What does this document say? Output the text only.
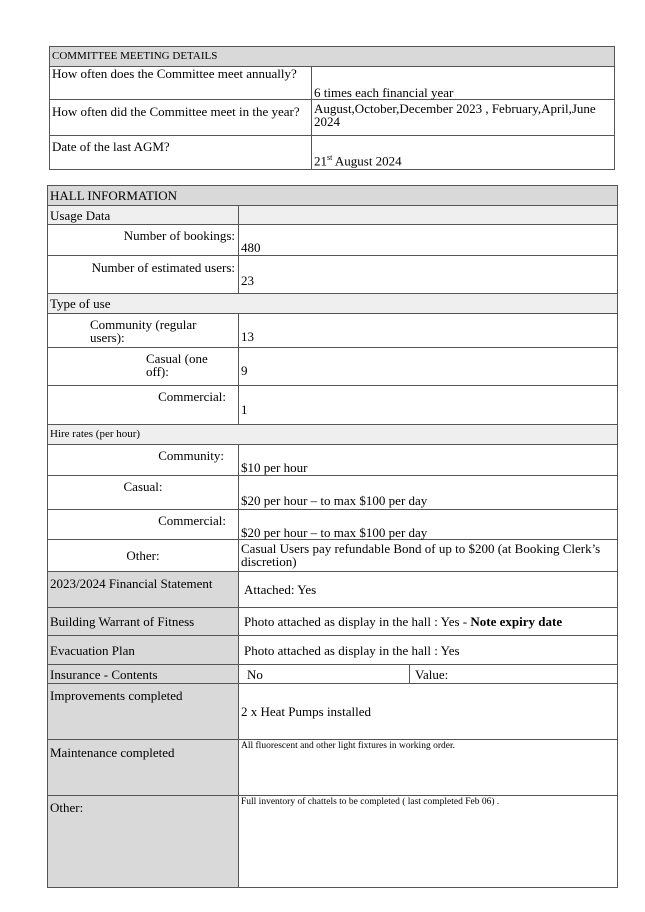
COMMITTEE MEETING DETAILS	
How often does the Committee meet annually?	6 times each financial year
How often did the Committee meet in the year?	August,October,December 2023 , February,April,June 2024
Date of the last AGM?	21st August 2024
HALL INFORMATION		
Usage Data		
Number of bookings:	480	
Number of estimated users:	23	
Type of use		
Community (regular users):	13	
Casual (one off):	9	
Commercial:	1	
Hire rates (per hour)		
Community:	$10 per hour	
Casual:	$20 per hour – to max $100 per day	
Commercial:	$20 per hour – to max $100 per day	
Other:	Casual Users pay refundable Bond of up to $200 (at Booking Clerk’s discretion)	
2023/2024 Financial Statement	Attached: Yes	
Building Warrant of Fitness	Photo attached as display in the hall : Yes - Note expiry date	
Evacuation Plan	Photo attached as display in the hall : Yes	
Insurance - Contents	No	Value:
Improvements completed	2 x Heat Pumps installed	
Maintenance completed	All fluorescent and other light fixtures in working order.	
Other:	Full inventory of chattels to be completed ( last completed Feb 06) .	
